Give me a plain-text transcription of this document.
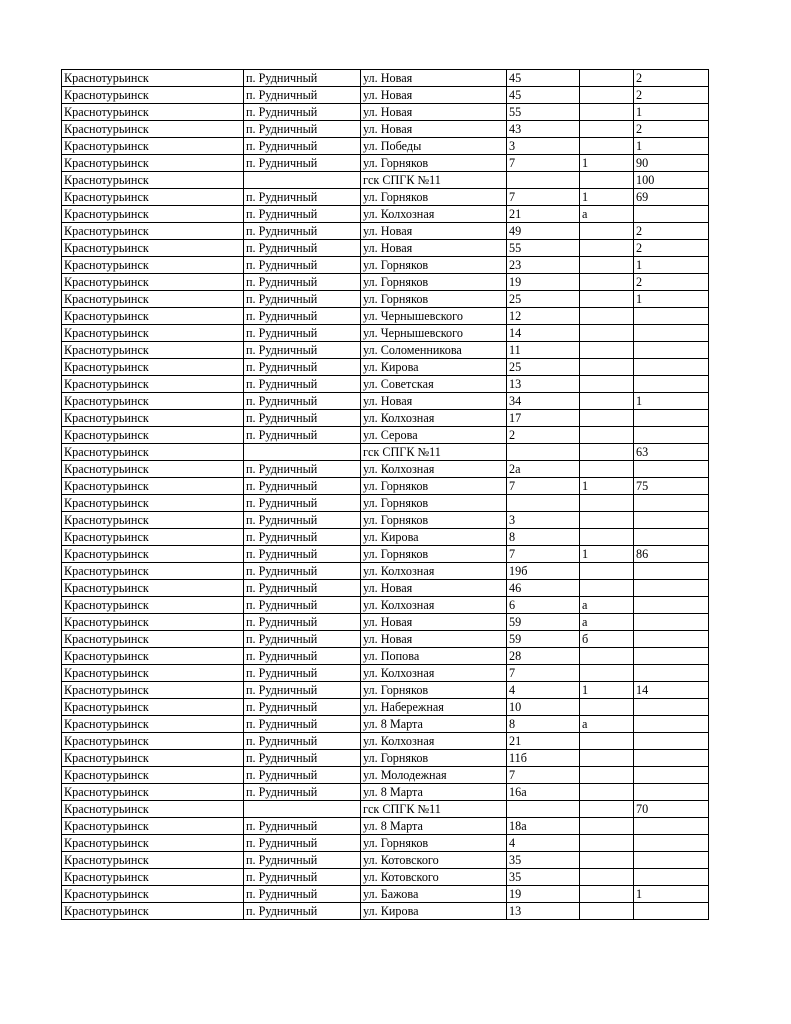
Краснотурьинск	п. Рудничный	ул. Новая	45		2
Краснотурьинск	п. Рудничный	ул. Новая	45		2
Краснотурьинск	п. Рудничный	ул. Новая	55		1
Краснотурьинск	п. Рудничный	ул. Новая	43		2
Краснотурьинск	п. Рудничный	ул. Победы	3		1
Краснотурьинск	п. Рудничный	ул. Горняков	7	1	90
Краснотурьинск		гск СПГК №11			100
Краснотурьинск	п. Рудничный	ул. Горняков	7	1	69
Краснотурьинск	п. Рудничный	ул. Колхозная	21	а	
Краснотурьинск	п. Рудничный	ул. Новая	49		2
Краснотурьинск	п. Рудничный	ул. Новая	55		2
Краснотурьинск	п. Рудничный	ул. Горняков	23		1
Краснотурьинск	п. Рудничный	ул. Горняков	19		2
Краснотурьинск	п. Рудничный	ул. Горняков	25		1
Краснотурьинск	п. Рудничный	ул. Чернышевского	12		
Краснотурьинск	п. Рудничный	ул. Чернышевского	14		
Краснотурьинск	п. Рудничный	ул. Соломенникова	11		
Краснотурьинск	п. Рудничный	ул. Кирова	25		
Краснотурьинск	п. Рудничный	ул. Советская	13		
Краснотурьинск	п. Рудничный	ул. Новая	34		1
Краснотурьинск	п. Рудничный	ул. Колхозная	17		
Краснотурьинск	п. Рудничный	ул. Серова	2		
Краснотурьинск		гск СПГК №11			63
Краснотурьинск	п. Рудничный	ул. Колхозная	2а		
Краснотурьинск	п. Рудничный	ул. Горняков	7	1	75
Краснотурьинск	п. Рудничный	ул. Горняков			
Краснотурьинск	п. Рудничный	ул. Горняков	3		
Краснотурьинск	п. Рудничный	ул. Кирова	8		
Краснотурьинск	п. Рудничный	ул. Горняков	7	1	86
Краснотурьинск	п. Рудничный	ул. Колхозная	19б		
Краснотурьинск	п. Рудничный	ул. Новая	46		
Краснотурьинск	п. Рудничный	ул. Колхозная	6	а	
Краснотурьинск	п. Рудничный	ул. Новая	59	а	
Краснотурьинск	п. Рудничный	ул. Новая	59	б	
Краснотурьинск	п. Рудничный	ул. Попова	28		
Краснотурьинск	п. Рудничный	ул. Колхозная	7		
Краснотурьинск	п. Рудничный	ул. Горняков	4	1	14
Краснотурьинск	п. Рудничный	ул. Набережная	10		
Краснотурьинск	п. Рудничный	ул. 8 Марта	8	а	
Краснотурьинск	п. Рудничный	ул. Колхозная	21		
Краснотурьинск	п. Рудничный	ул. Горняков	11б		
Краснотурьинск	п. Рудничный	ул. Молодежная	7		
Краснотурьинск	п. Рудничный	ул. 8 Марта	16а		
Краснотурьинск		гск СПГК №11			70
Краснотурьинск	п. Рудничный	ул. 8 Марта	18а		
Краснотурьинск	п. Рудничный	ул. Горняков	4		
Краснотурьинск	п. Рудничный	ул. Котовского	35		
Краснотурьинск	п. Рудничный	ул. Котовского	35		
Краснотурьинск	п. Рудничный	ул. Бажова	19		1
Краснотурьинск	п. Рудничный	ул. Кирова	13		
